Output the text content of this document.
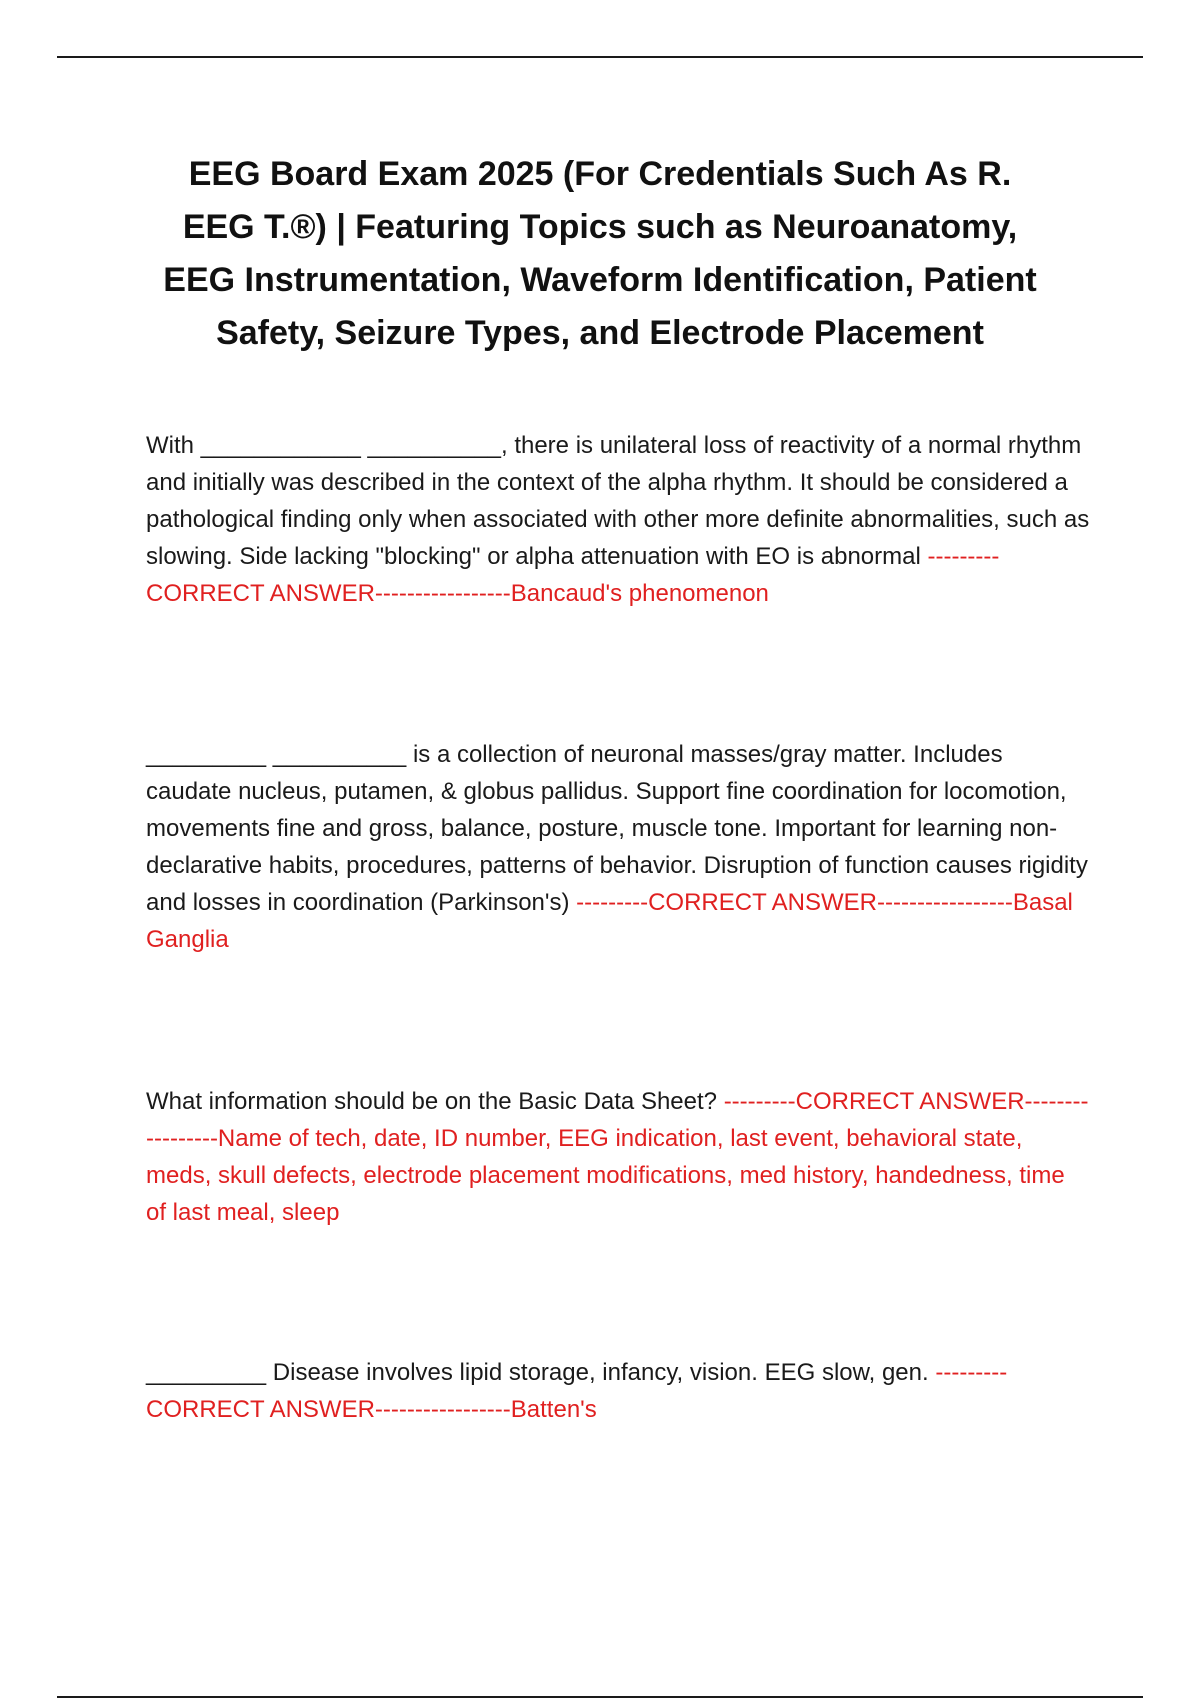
EEG Board Exam 2025 (For Credentials Such As R. EEG T.®) | Featuring Topics such as Neuroanatomy, EEG Instrumentation, Waveform Identification, Patient Safety, Seizure Types, and Electrode Placement

With ____________ __________, there is unilateral loss of reactivity of a normal rhythm and initially was described in the context of the alpha rhythm. It should be considered a pathological finding only when associated with other more definite abnormalities, such as slowing. Side lacking "blocking" or alpha attenuation with EO is abnormal ---------CORRECT ANSWER-----------------Bancaud's phenomenon

_________ __________ is a collection of neuronal masses/gray matter. Includes caudate nucleus, putamen, & globus pallidus. Support fine coordination for locomotion, movements fine and gross, balance, posture, muscle tone. Important for learning non-declarative habits, procedures, patterns of behavior. Disruption of function causes rigidity and losses in coordination (Parkinson's) ---------CORRECT ANSWER-----------------Basal Ganglia

What information should be on the Basic Data Sheet? ---------CORRECT ANSWER-----------------Name of tech, date, ID number, EEG indication, last event, behavioral state, meds, skull defects, electrode placement modifications, med history, handedness, time of last meal, sleep

_________ Disease involves lipid storage, infancy, vision. EEG slow, gen. ---------CORRECT ANSWER-----------------Batten's
